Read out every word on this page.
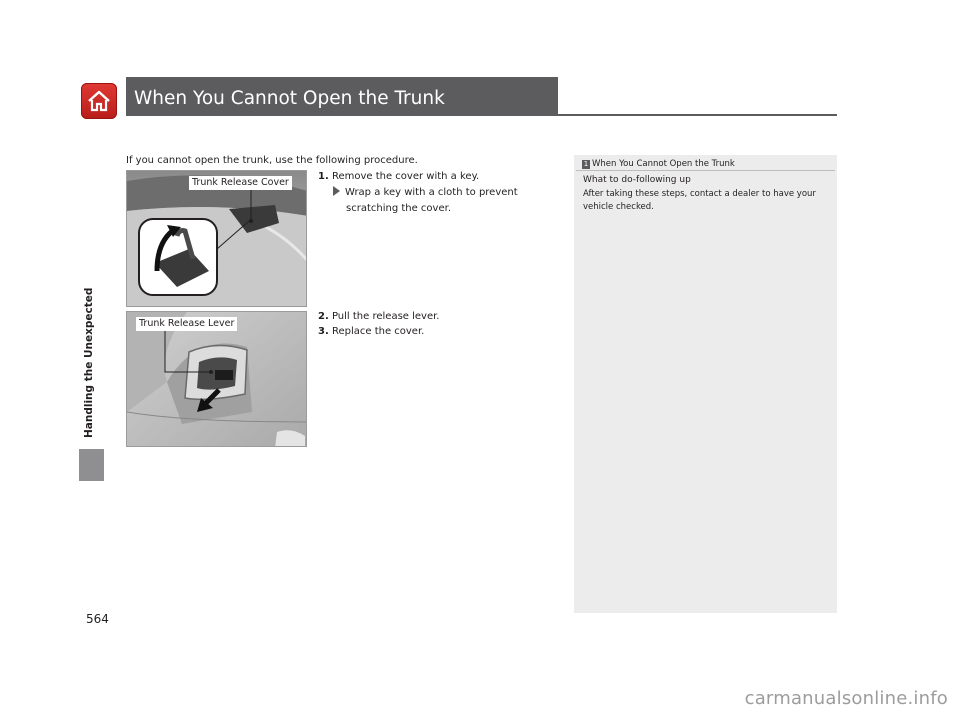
When You Cannot Open the Trunk
Handling the Unexpected
If you cannot open the trunk, use the following procedure.
1. Remove the cover with a key.
Wrap a key with a cloth to prevent
scratching the cover.
Trunk Release Cover
2. Pull the release lever.
3. Replace the cover.
Trunk Release Lever
1 When You Cannot Open the Trunk
What to do-following up
After taking these steps, contact a dealer to have your vehicle checked.
564
carmanualsonline.info
